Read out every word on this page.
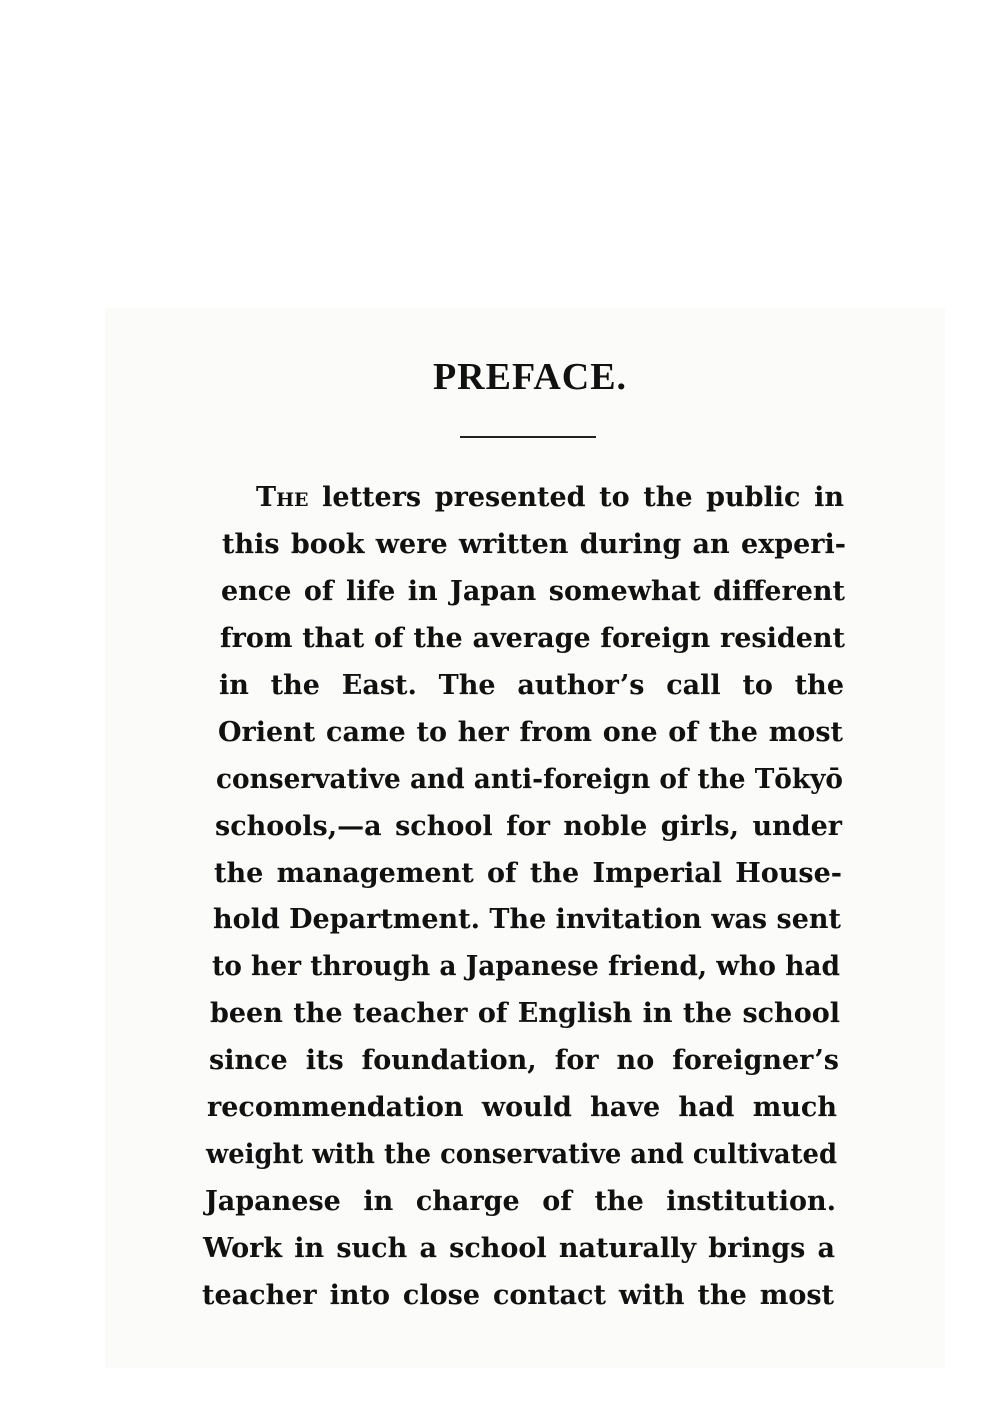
PREFACE.
The letters presented to the public in
this book were written during an experi-
ence of life in Japan somewhat different
from that of the average foreign resident
in the East. The author’s call to the
Orient came to her from one of the most
conservative and anti-foreign of the Tōkyō
schools,—a school for noble girls, under
the management of the Imperial House-
hold Department. The invitation was sent
to her through a Japanese friend, who had
been the teacher of English in the school
since its foundation, for no foreigner’s
recommendation would have had much
weight with the conservative and cultivated
Japanese in charge of the institution.
Work in such a school naturally brings a
teacher into close contact with the most
